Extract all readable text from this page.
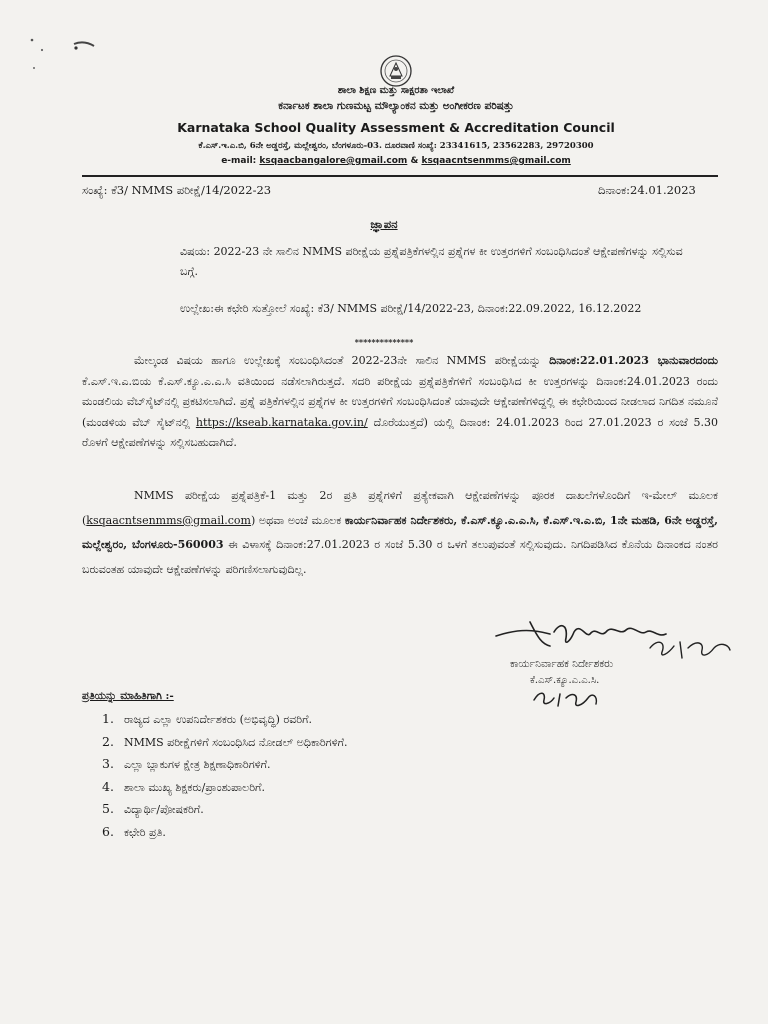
ಶಾಲಾ ಶಿಕ್ಷಣ ಮತ್ತು ಸಾಕ್ಷರತಾ ಇಲಾಖೆ
ಕರ್ನಾಟಕ ಶಾಲಾ ಗುಣಮಟ್ಟ ಮೌಲ್ಯಾಂಕನ ಮತ್ತು ಅಂಗೀಕರಣ ಪರಿಷತ್ತು
Karnataka School Quality Assessment & Accreditation Council
ಕೆ.ಎಸ್.ಇ.ಎ.ಬಿ, 6ನೇ ಅಡ್ಡರಸ್ತೆ, ಮಲ್ಲೇಶ್ವರಂ, ಬೆಂಗಳೂರು-03. ದೂರವಾಣಿ ಸಂಖ್ಯೆ: 23341615, 23562283, 29720300
e-mail: ksqaacbangalore@gmail.com & ksqaacntsenmms@gmail.com
ಸಂಖ್ಯೆ: ಕೆ3/ NMMS ಪರೀಕ್ಷೆ/14/2022-23	ದಿನಾಂಕ:24.01.2023
ಜ್ಞಾಪನ
ವಿಷಯ: 2022-23 ನೇ ಸಾಲಿನ NMMS ಪರೀಕ್ಷೆಯ ಪ್ರಶ್ನೆಪತ್ರಿಕೆಗಳಲ್ಲಿನ ಪ್ರಶ್ನೆಗಳ ಕೀ ಉತ್ತರಗಳಿಗೆ ಸಂಬಂಧಿಸಿದಂತೆ ಆಕ್ಷೇಪಣೆಗಳನ್ನು ಸಲ್ಲಿಸುವ ಬಗ್ಗೆ.
ಉಲ್ಲೇಖ:ಈ ಕಛೇರಿ ಸುತ್ತೋಲೆ ಸಂಖ್ಯೆ: ಕೆ3/ NMMS ಪರೀಕ್ಷೆ/14/2022-23, ದಿನಾಂಕ:22.09.2022, 16.12.2022
**************
ಮೇಲ್ಕಂಡ ವಿಷಯ ಹಾಗೂ ಉಲ್ಲೇಖಕ್ಕೆ ಸಂಬಂಧಿಸಿದಂತೆ 2022-23ನೇ ಸಾಲಿನ NMMS ಪರೀಕ್ಷೆಯನ್ನು ದಿನಾಂಕ:22.01.2023 ಭಾನುವಾರದಂದು ಕೆ.ಎಸ್.ಇ.ಎ.ಬಿಯ ಕೆ.ಎಸ್.ಕ್ಯೂ.ಎ.ಎ.ಸಿ ವತಿಯಿಂದ ನಡೆಸಲಾಗಿರುತ್ತದೆ. ಸದರಿ ಪರೀಕ್ಷೆಯ ಪ್ರಶ್ನೆಪತ್ರಿಕೆಗಳಿಗೆ ಸಂಬಂಧಿಸಿದ ಕೀ ಉತ್ತರಗಳನ್ನು ದಿನಾಂಕ:24.01.2023 ರಂದು ಮಂಡಲಿಯ ವೆಬ್‌ಸೈಟ್‌ನಲ್ಲಿ ಪ್ರಕಟಿಸಲಾಗಿದೆ. ಪ್ರಶ್ನೆ ಪತ್ರಿಕೆಗಳಲ್ಲಿನ ಪ್ರಶ್ನೆಗಳ ಕೀ ಉತ್ತರಗಳಿಗೆ ಸಂಬಂಧಿಸಿದಂತೆ ಯಾವುದೇ ಆಕ್ಷೇಪಣೆಗಳಿದ್ದಲ್ಲಿ ಈ ಕಛೇರಿಯಿಂದ ನೀಡಲಾದ ನಿಗದಿತ ನಮೂನೆ (ಮಂಡಳಿಯ ವೆಬ್ ಸೈಟ್‌ನಲ್ಲಿ https://kseab.karnataka.gov.in/ ದೊರೆಯುತ್ತದೆ) ಯಲ್ಲಿ ದಿನಾಂಕ: 24.01.2023 ರಿಂದ 27.01.2023 ರ ಸಂಜೆ 5.30 ರೊಳಗೆ ಆಕ್ಷೇಪಣೆಗಳನ್ನು ಸಲ್ಲಿಸಬಹುದಾಗಿದೆ.
NMMS ಪರೀಕ್ಷೆಯ ಪ್ರಶ್ನೆಪತ್ರಿಕೆ-1 ಮತ್ತು 2ರ ಪ್ರತಿ ಪ್ರಶ್ನೆಗಳಿಗೆ ಪ್ರತ್ಯೇಕವಾಗಿ ಆಕ್ಷೇಪಣೆಗಳನ್ನು ಪೂರಕ ದಾಖಲೆಗಳೊಂದಿಗೆ ಇ-ಮೇಲ್ ಮೂಲಕ (ksqaacntsenmms@gmail.com) ಅಥವಾ ಅಂಚೆ ಮೂಲಕ ಕಾರ್ಯನಿರ್ವಾಹಕ ನಿರ್ದೇಶಕರು, ಕೆ.ಎಸ್.ಕ್ಯೂ.ಎ.ಎ.ಸಿ, ಕೆ.ಎಸ್.ಇ.ಎ.ಬಿ, 1ನೇ ಮಹಡಿ, 6ನೇ ಅಡ್ಡರಸ್ತೆ, ಮಲ್ಲೇಶ್ವರಂ, ಬೆಂಗಳೂರು-560003 ಈ ವಿಳಾಸಕ್ಕೆ ದಿನಾಂಕ:27.01.2023 ರ ಸಂಜೆ 5.30 ರ ಒಳಗೆ ತಲುಪುವಂತೆ ಸಲ್ಲಿಸುವುದು. ನಿಗದಿಪಡಿಸಿದ ಕೊನೆಯ ದಿನಾಂಕದ ನಂತರ ಬರುವಂತಹ ಯಾವುದೇ ಆಕ್ಷೇಪಣೆಗಳನ್ನು ಪರಿಗಣಿಸಲಾಗುವುದಿಲ್ಲ.
ಕಾರ್ಯನಿರ್ವಾಹಕ ನಿರ್ದೇಶಕರು
ಕೆ.ಎಸ್.ಕ್ಯೂ.ಎ.ಎ.ಸಿ.
ಪ್ರತಿಯನ್ನು ಮಾಹಿತಿಗಾಗಿ :-
1. ರಾಜ್ಯದ ಎಲ್ಲಾ ಉಪನಿರ್ದೇಶಕರು (ಅಭಿವೃದ್ಧಿ) ರವರಿಗೆ.
2. NMMS ಪರೀಕ್ಷೆಗಳಿಗೆ ಸಂಬಂಧಿಸಿದ ನೋಡಲ್ ಅಧಿಕಾರಿಗಳಿಗೆ.
3. ಎಲ್ಲಾ ಬ್ಲಾಕುಗಳ ಕ್ಷೇತ್ರ ಶಿಕ್ಷಣಾಧಿಕಾರಿಗಳಿಗೆ.
4. ಶಾಲಾ ಮುಖ್ಯ ಶಿಕ್ಷಕರು/ಪ್ರಾಂಶುಪಾಲರಿಗೆ.
5. ವಿದ್ಯಾರ್ಥಿ/ಪೋಷಕರಿಗೆ.
6. ಕಛೇರಿ ಪ್ರತಿ.
